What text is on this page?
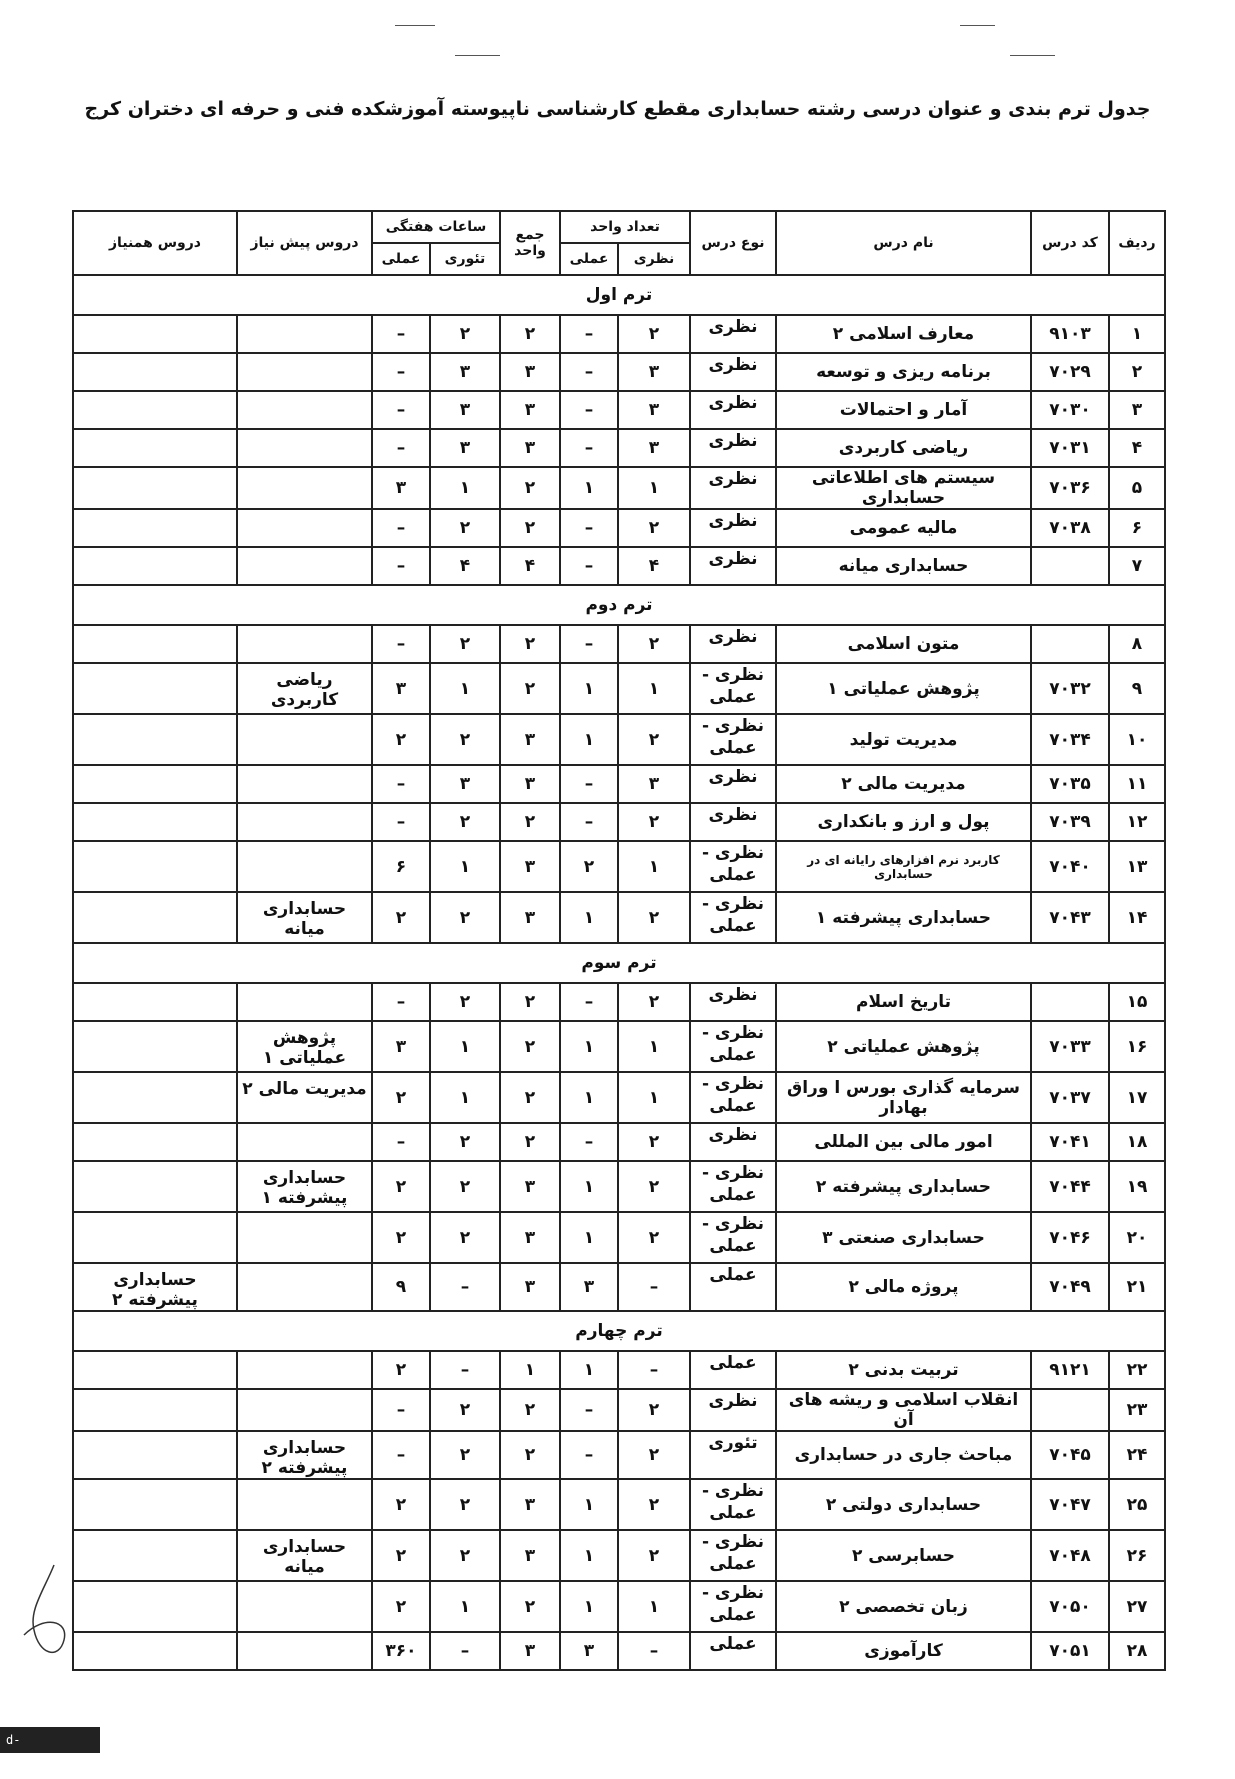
جدول ترم بندی و عنوان درسی رشته حسابداری مقطع کارشناسی ناپیوسته آموزشکده فنی و حرفه ای دختران کرج
ردیف	کد درس	نام درس	نوع درس	تعداد واحد		جمع واحد	ساعات هفتگی		دروس پیش نیاز	دروس همنیاز
				نظری	عملی		تئوری	عملی		
ترم اول										
۱	۹۱۰۳	معارف اسلامی ۲	نظری	۲	–	۲	۲	–		
۲	۷۰۲۹	برنامه ریزی و توسعه	نظری	۳	–	۳	۳	–		
۳	۷۰۳۰	آمار و احتمالات	نظری	۳	–	۳	۳	–		
۴	۷۰۳۱	ریاضی کاربردی	نظری	۳	–	۳	۳	–		
۵	۷۰۳۶	سیستم های اطلاعاتی حسابداری	نظری	۱	۱	۲	۱	۳		
۶	۷۰۳۸	مالیه عمومی	نظری	۲	–	۲	۲	–		
۷		حسابداری میانه	نظری	۴	–	۴	۴	–		
ترم دوم										
۸		متون اسلامی	نظری	۲	–	۲	۲	–		
۹	۷۰۳۲	پژوهش عملیاتی ۱	نظری - عملی	۱	۱	۲	۱	۳	ریاضی کاربردی	
۱۰	۷۰۳۴	مدیریت تولید	نظری - عملی	۲	۱	۳	۲	۲		
۱۱	۷۰۳۵	مدیریت مالی ۲	نظری	۳	–	۳	۳	–		
۱۲	۷۰۳۹	پول و ارز و بانکداری	نظری	۲	–	۲	۲	–		
۱۳	۷۰۴۰	کاربرد نرم افزارهای رایانه ای در حسابداری	نظری - عملی	۱	۲	۳	۱	۶		
۱۴	۷۰۴۳	حسابداری پیشرفته ۱	نظری - عملی	۲	۱	۳	۲	۲	حسابداری میانه	
ترم سوم										
۱۵		تاریخ اسلام	نظری	۲	–	۲	۲	–		
۱۶	۷۰۳۳	پژوهش عملیاتی ۲	نظری - عملی	۱	۱	۲	۱	۳	پژوهش عملیاتی ۱	
۱۷	۷۰۳۷	سرمایه گذاری بورس ا وراق بهادار	نظری - عملی	۱	۱	۲	۱	۲	مدیریت مالی ۲	
۱۸	۷۰۴۱	امور مالی بین المللی	نظری	۲	–	۲	۲	–		
۱۹	۷۰۴۴	حسابداری پیشرفته ۲	نظری - عملی	۲	۱	۳	۲	۲	حسابداری پیشرفته ۱	
۲۰	۷۰۴۶	حسابداری صنعتی ۳	نظری - عملی	۲	۱	۳	۲	۲		
۲۱	۷۰۴۹	پروژه مالی ۲	عملی	–	۳	۳	–	۹		حسابداری پیشرفته ۲
ترم چهارم										
۲۲	۹۱۲۱	تربیت بدنی ۲	عملی	–	۱	۱	–	۲		
۲۳		انقلاب اسلامی و ریشه های آن	نظری	۲	–	۲	۲	–		
۲۴	۷۰۴۵	مباحث جاری در حسابداری	تئوری	۲	–	۲	۲	–	حسابداری پیشرفته ۲	
۲۵	۷۰۴۷	حسابداری دولتی ۲	نظری - عملی	۲	۱	۳	۲	۲		
۲۶	۷۰۴۸	حسابرسی ۲	نظری - عملی	۲	۱	۳	۲	۲	حسابداری میانه	
۲۷	۷۰۵۰	زبان تخصصی ۲	نظری - عملی	۱	۱	۲	۱	۲		
۲۸	۷۰۵۱	کارآموزی	عملی	–	۳	۳	–	۳۶۰		
d-karaj.nus.ac.ir
